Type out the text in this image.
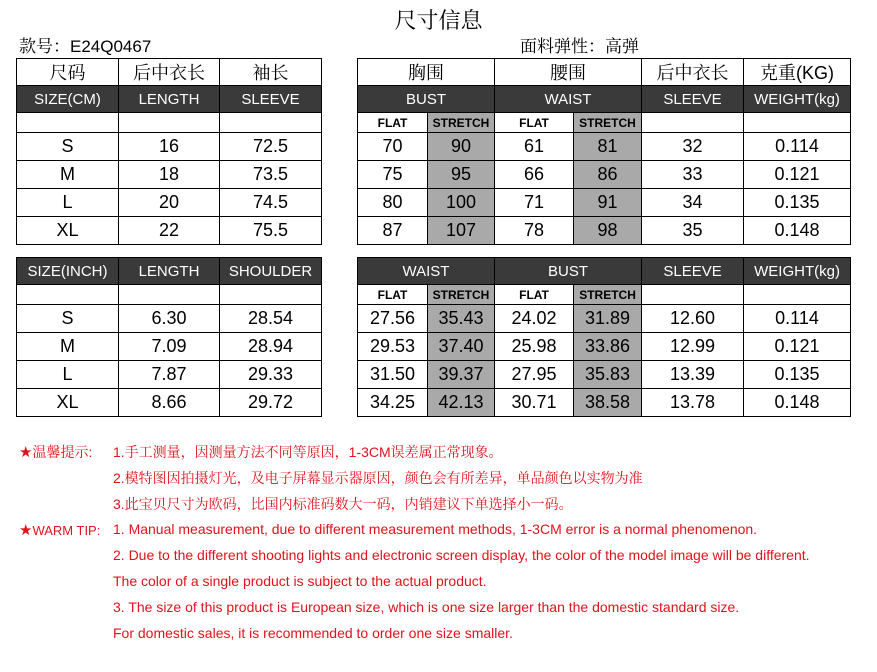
尺寸信息
款号：E24Q0467	面料弹性：高弹
尺码	后中衣长	袖长		胸围		腰围		后中衣长	克重(KG)
SIZE(CM)	LENGTH	SLEEVE		BUST		WAIST		SLEEVE	WEIGHT(kg)
				FLAT	STRETCH	FLAT	STRETCH		
S	16	72.5		70	90	61	81	32	0.114
M	18	73.5		75	95	66	86	33	0.121
L	20	74.5		80	100	71	91	34	0.135
XL	22	75.5		87	107	78	98	35	0.148
SIZE(INCH)	LENGTH	SHOULDER		WAIST		BUST		SLEEVE	WEIGHT(kg)
				FLAT	STRETCH	FLAT	STRETCH		
S	6.30	28.54		27.56	35.43	24.02	31.89	12.60	0.114
M	7.09	28.94		29.53	37.40	25.98	33.86	12.99	0.121
L	7.87	29.33		31.50	39.37	27.95	35.83	13.39	0.135
XL	8.66	29.72		34.25	42.13	30.71	38.58	13.78	0.148
★温馨提示: 1.手工测量，因测量方法不同等原因，1-3CM误差属正常现象。
2.模特图因拍摄灯光，及电子屏幕显示器原因，颜色会有所差异，单品颜色以实物为准
3.此宝贝尺寸为欧码，比国内标准码数大一码，内销建议下单选择小一码。
★WARM TIP: 1. Manual measurement, due to different measurement methods, 1-3CM error is a normal phenomenon.
2. Due to the different shooting lights and electronic screen display, the color of the model image will be different.
The color of a single product is subject to the actual product.
3. The size of this product is European size, which is one size larger than the domestic standard size.
For domestic sales, it is recommended to order one size smaller.
